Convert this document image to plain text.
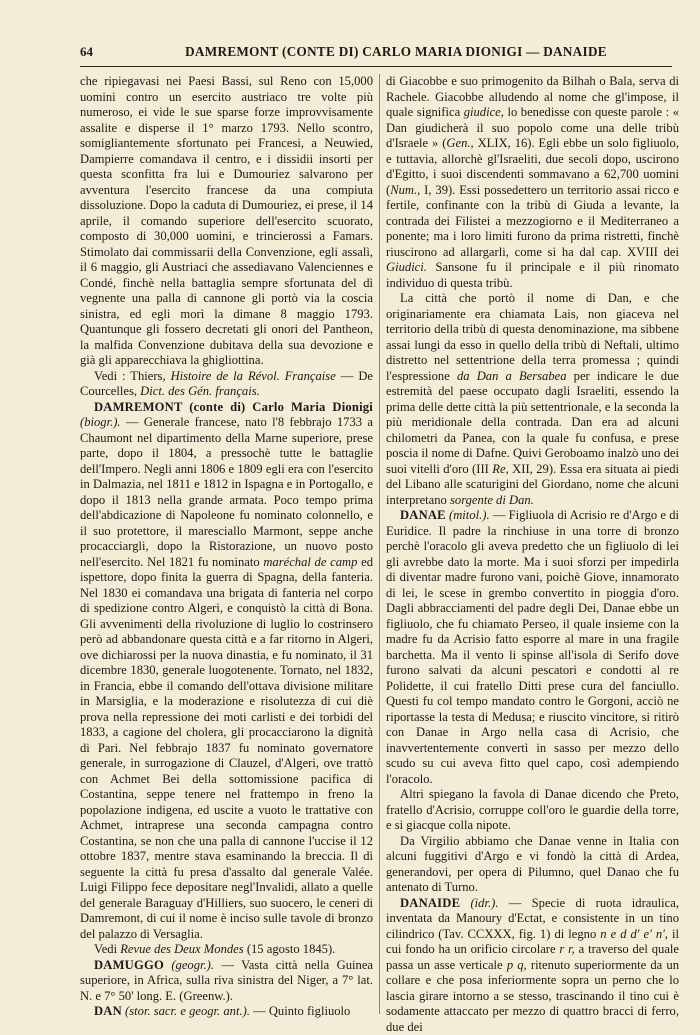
64	DAMREMONT (CONTE DI) CARLO MARIA DIONIGI — DANAIDE

che ripiegavasi nei Paesi Bassi, sul Reno con 15,000 uomini contro un esercito austriaco tre volte più numeroso, ei vide le sue sparse forze improvvisamente assalite e disperse il 1° marzo 1793. Nello scontro, somigliantemente sfortunato pei Francesi, a Neuwied, Dampierre comandava il centro, e i dissidii insorti per questa sconfitta fra lui e Dumouriez salvarono per avventura l'esercito francese da una compiuta dissoluzione. Dopo la caduta di Dumouriez, ei prese, il 14 aprile, il comando superiore dell'esercito scuorato, composto di 30,000 uomini, e trincierossi a Famars. Stimolato dai commissarii della Convenzione, egli assalì, il 6 maggio, gli Austriaci che assediavano Valenciennes e Condé, finchè nella battaglia sempre sfortunata del dì vegnente una palla di cannone gli portò via la coscia sinistra, ed egli morì la dimane 8 maggio 1793. Quantunque gli fossero decretati gli onori del Pantheon, la malfida Convenzione dubitava della sua devozione e già gli apparecchiava la ghigliottina.

Vedi : Thiers, Histoire de la Révol. Française — De Courcelles, Dict. des Gén. français.

DAMREMONT (conte di) Carlo Maria Dionigi (biogr.). — Generale francese, nato l'8 febbrajo 1733 a Chaumont nel dipartimento della Marne superiore, prese parte, dopo il 1804, a pressochè tutte le battaglie dell'Impero. Negli anni 1806 e 1809 egli era con l'esercito in Dalmazia, nel 1811 e 1812 in Ispagna e in Portogallo, e dopo il 1813 nella grande armata. Poco tempo prima dell'abdicazione di Napoleone fu nominato colonnello, e il suo protettore, il maresciallo Marmont, seppe anche procacciargli, dopo la Ristorazione, un nuovo posto nell'esercito. Nel 1821 fu nominato maréchal de camp ed ispettore, dopo finita la guerra di Spagna, della fanteria. Nel 1830 ei comandava una brigata di fanteria nel corpo di spedizione contro Algeri, e conquistò la città di Bona. Gli avvenimenti della rivoluzione di luglio lo costrinsero però ad abbandonare questa città e a far ritorno in Algeri, ove dichiarossi per la nuova dinastia, e fu nominato, il 31 dicembre 1830, generale luogotenente. Tornato, nel 1832, in Francia, ebbe il comando dell'ottava divisione militare in Marsiglia, e la moderazione e risolutezza di cui diè prova nella repressione dei moti carlisti e dei torbidi del 1833, a cagione del cholera, gli procacciarono la dignità di Pari. Nel febbrajo 1837 fu nominato governatore generale, in surrogazione di Clauzel, d'Algeri, ove trattò con Achmet Bei della sottomissione pacifica di Costantina, seppe tenere nel frattempo in freno la popolazione indigena, ed uscite a vuoto le trattative con Achmet, intraprese una seconda campagna contro Costantina, se non che una palla di cannone l'uccise il 12 ottobre 1837, mentre stava esaminando la breccia. Il dì seguente la città fu presa d'assalto dal generale Valée. Luigi Filippo fece depositare negl'Invalidi, allato a quelle del generale Baraguay d'Hilliers, suo suocero, le ceneri di Damremont, di cui il nome è inciso sulle tavole di bronzo del palazzo di Versaglia.

Vedi Revue des Deux Mondes (15 agosto 1845).

DAMUGGO (geogr.). — Vasta città nella Guinea superiore, in Africa, sulla riva sinistra del Niger, a 7° lat. N. e 7° 50' long. E. (Greenw.).

DAN (stor. sacr. e geogr. ant.). — Quinto figliuolo

di Giacobbe e suo primogenito da Bilhah o Bala, serva di Rachele. Giacobbe alludendo al nome che gl'impose, il quale significa giudice, lo benedisse con queste parole : « Dan giudicherà il suo popolo come una delle tribù d'Israele » (Gen., XLIX, 16). Egli ebbe un solo figliuolo, e tuttavia, allorchè gl'Israeliti, due secoli dopo, uscirono d'Egitto, i suoi discendenti sommavano a 62,700 uomini (Num., I, 39). Essi possedettero un territorio assai ricco e fertile, confinante con la tribù di Giuda a levante, la contrada dei Filistei a mezzogiorno e il Mediterraneo a ponente; ma i loro limiti furono da prima ristretti, finchè riuscirono ad allargarli, come si ha dal cap. XVIII dei Giudici. Sansone fu il principale e il più rinomato individuo di questa tribù.

La città che portò il nome di Dan, e che originariamente era chiamata Lais, non giaceva nel territorio della tribù di questa denominazione, ma sibbene assai lungi da esso in quello della tribù di Neftali, ultimo distretto nel settentrione della terra promessa ; quindi l'espressione da Dan a Bersabea per indicare le due estremità del paese occupato dagli Israeliti, essendo la prima delle dette città la più settentrionale, e la seconda la più meridionale della contrada. Dan era ad alcuni chilometri da Panea, con la quale fu confusa, e prese poscia il nome di Dafne. Quivi Geroboamo inalzò uno dei suoi vitelli d'oro (III Re, XII, 29). Essa era situata ai piedi del Libano alle scaturigini del Giordano, nome che alcuni interpretano sorgente di Dan.

DANAE (mitol.). — Figliuola di Acrisio re d'Argo e di Euridice. Il padre la rinchiuse in una torre di bronzo perchè l'oracolo gli aveva predetto che un figliuolo di lei gli avrebbe dato la morte. Ma i suoi sforzi per impedirla di diventar madre furono vani, poichè Giove, innamorato di lei, le scese in grembo convertito in pioggia d'oro. Dagli abbracciamenti del padre degli Dei, Danae ebbe un figliuolo, che fu chiamato Perseo, il quale insieme con la madre fu da Acrisio fatto esporre al mare in una fragile barchetta. Ma il vento li spinse all'isola di Serifo dove furono salvati da alcuni pescatori e condotti al re Polidette, il cui fratello Ditti prese cura del fanciullo. Questi fu col tempo mandato contro le Gorgoni, acciò ne riportasse la testa di Medusa; e riuscito vincitore, si ritirò con Danae in Argo nella casa di Acrisio, che inavvertentemente convertì in sasso per mezzo dello scudo su cui aveva fitto quel capo, così adempiendo l'oracolo.

Altri spiegano la favola di Danae dicendo che Preto, fratello d'Acrisio, corruppe coll'oro le guardie della torre, e si giacque colla nipote.

Da Virgilio abbiamo che Danae venne in Italia con alcuni fuggitivi d'Argo e vi fondò la città di Ardea, generandovi, per opera di Pilumno, quel Danao che fu antenato di Turno.

DANAIDE (idr.). — Specie di ruota idraulica, inventata da Manoury d'Ectat, e consistente in un tino cilindrico (Tav. CCXXX, fig. 1) di legno n e d d' e' n', il cui fondo ha un orificio circolare r r, a traverso del quale passa un asse verticale p q, ritenuto superiormente da un collare e che posa inferiormente sopra un perno che lo lascia girare intorno a se stesso, trascinando il tino cui è sodamente attaccato per mezzo di quattro bracci di ferro, due dei
